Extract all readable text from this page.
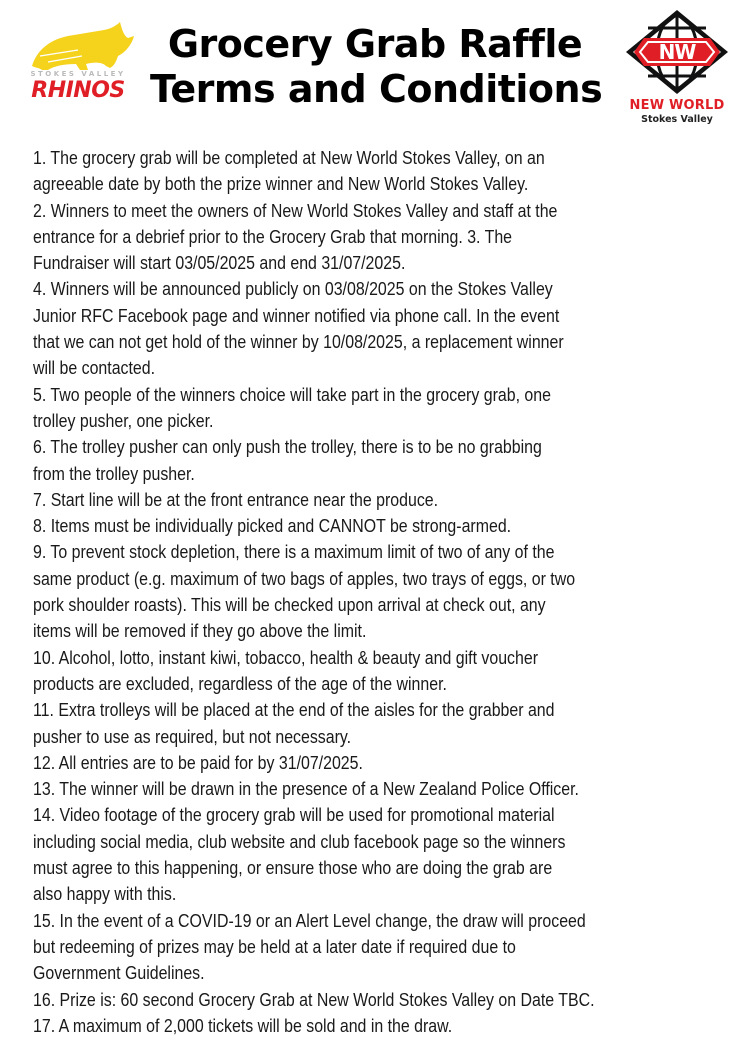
STOKES VALLEY
RHINOS
Grocery Grab Raffle
Terms and Conditions
NW
NEW WORLD
Stokes Valley
1. The grocery grab will be completed at New World Stokes Valley, on an
agreeable date by both the prize winner and New World Stokes Valley.
2. Winners to meet the owners of New World Stokes Valley and staff at the
entrance for a debrief prior to the Grocery Grab that morning. 3. The
Fundraiser will start 03/05/2025 and end 31/07/2025.
4. Winners will be announced publicly on 03/08/2025 on the Stokes Valley
Junior RFC Facebook page and winner notified via phone call. In the event
that we can not get hold of the winner by 10/08/2025, a replacement winner
will be contacted.
5. Two people of the winners choice will take part in the grocery grab, one
trolley pusher, one picker.
6. The trolley pusher can only push the trolley, there is to be no grabbing
from the trolley pusher.
7. Start line will be at the front entrance near the produce.
8. Items must be individually picked and CANNOT be strong-armed.
9. To prevent stock depletion, there is a maximum limit of two of any of the
same product (e.g. maximum of two bags of apples, two trays of eggs, or two
pork shoulder roasts). This will be checked upon arrival at check out, any
items will be removed if they go above the limit.
10. Alcohol, lotto, instant kiwi, tobacco, health & beauty and gift voucher
products are excluded, regardless of the age of the winner.
11. Extra trolleys will be placed at the end of the aisles for the grabber and
pusher to use as required, but not necessary.
12. All entries are to be paid for by 31/07/2025.
13. The winner will be drawn in the presence of a New Zealand Police Officer.
14. Video footage of the grocery grab will be used for promotional material
including social media, club website and club facebook page so the winners
must agree to this happening, or ensure those who are doing the grab are
also happy with this.
15. In the event of a COVID-19 or an Alert Level change, the draw will proceed
but redeeming of prizes may be held at a later date if required due to
Government Guidelines.
16. Prize is: 60 second Grocery Grab at New World Stokes Valley on Date TBC.
17. A maximum of 2,000 tickets will be sold and in the draw.
